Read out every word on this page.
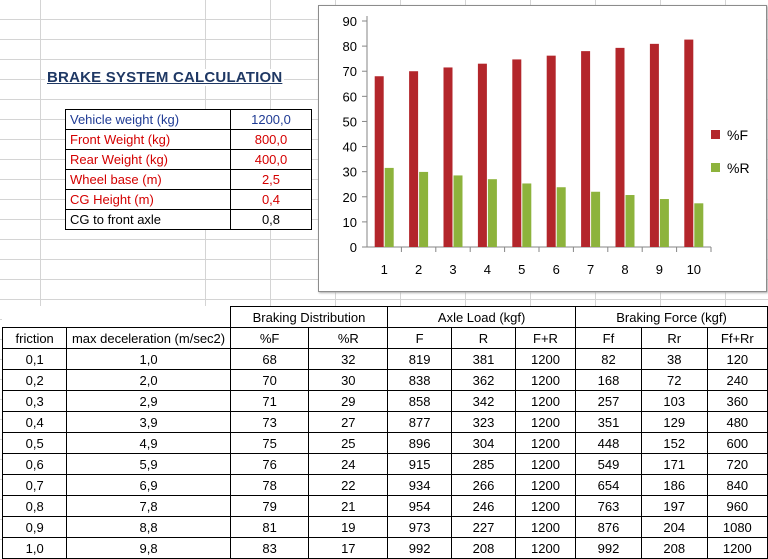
BRAKE SYSTEM CALCULATION
Vehicle weight (kg)	1200,0
Front Weight (kg)	800,0
Rear Weight (kg)	400,0
Wheel base (m)	2,5
CG Height (m)	0,4
CG to front axle	0,8
0
10
20
30
40
50
60
70
80
90
1 2 3 4 5 6 7 8 9 10
%F
%R
		Braking Distribution		Axle Load (kgf)			Braking Force (kgf)		
friction	max deceleration (m/sec2)	%F	%R	F	R	F+R	Ff	Rr	Ff+Rr
0,1	1,0	68	32	819	381	1200	82	38	120
0,2	2,0	70	30	838	362	1200	168	72	240
0,3	2,9	71	29	858	342	1200	257	103	360
0,4	3,9	73	27	877	323	1200	351	129	480
0,5	4,9	75	25	896	304	1200	448	152	600
0,6	5,9	76	24	915	285	1200	549	171	720
0,7	6,9	78	22	934	266	1200	654	186	840
0,8	7,8	79	21	954	246	1200	763	197	960
0,9	8,8	81	19	973	227	1200	876	204	1080
1,0	9,8	83	17	992	208	1200	992	208	1200
